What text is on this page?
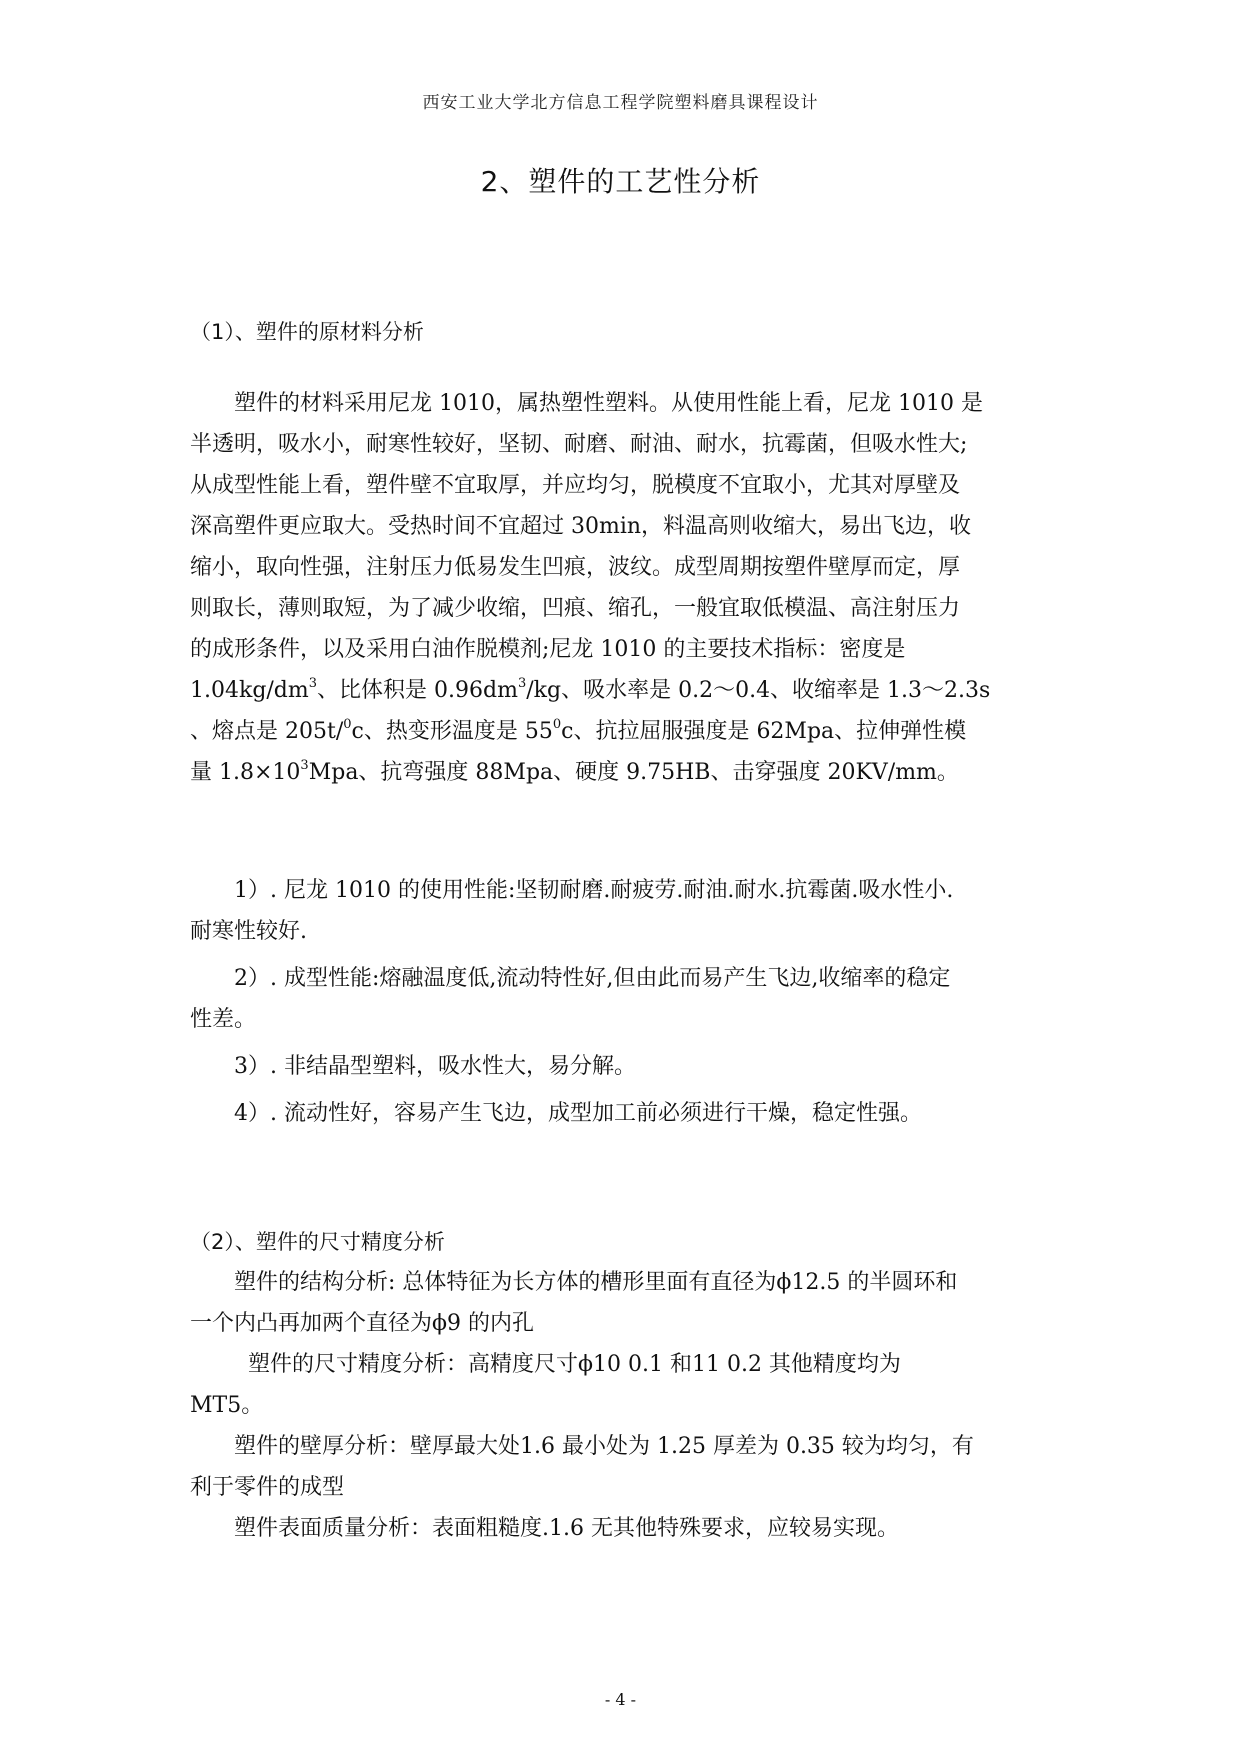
西安工业大学北方信息工程学院塑料磨具课程设计
2、塑件的工艺性分析
（1）、塑件的原材料分析
塑件的材料采用尼龙 1010，属热塑性塑料。从使用性能上看，尼龙 1010 是
半透明，吸水小，耐寒性较好，坚韧、耐磨、耐油、耐水，抗霉菌，但吸水性大;
从成型性能上看，塑件壁不宜取厚，并应均匀，脱模度不宜取小，尤其对厚壁及
深高塑件更应取大。受热时间不宜超过 30min，料温高则收缩大，易出飞边，收
缩小，取向性强，注射压力低易发生凹痕，波纹。成型周期按塑件壁厚而定，厚
则取长，薄则取短，为了减少收缩，凹痕、缩孔，一般宜取低模温、高注射压力
的成形条件，以及采用白油作脱模剂;尼龙 1010 的主要技术指标：密度是
$1.04kg/dm^3$、比体积是 $0.96dm^3/kg$、吸水率是 0.2～0.4、收缩率是 1.3～2.3s
、熔点是 205t/$^0$c、热变形温度是 $55^0c$、抗拉屈服强度是 62Mpa、拉伸弹性模
量 $1.8\times 10^3Mpa$、抗弯强度 88Mpa、硬度 9.75HB、击穿强度 20KV/mm。
1）. 尼龙 1010 的使用性能:坚韧耐磨.耐疲劳.耐油.耐水.抗霉菌.吸水性小.
耐寒性较好.
2）. 成型性能:熔融温度低,流动特性好,但由此而易产生飞边,收缩率的稳定
性差。
3）. 非结晶型塑料，吸水性大，易分解。
4）. 流动性好，容易产生飞边，成型加工前必须进行干燥，稳定性强。
（2）、塑件的尺寸精度分析
塑件的结构分析: 总体特征为长方体的槽形里面有直径为ϕ12.5 的半圆环和
一个内凸再加两个直径为ϕ9 的内孔
塑件的尺寸精度分析：高精度尺寸ϕ10 0.1 和11 0.2 其他精度均为
MT5。
塑件的壁厚分析：壁厚最大处1.6 最小处为 1.25 厚差为 0.35 较为均匀，有
利于零件的成型
塑件表面质量分析：表面粗糙度.1.6 无其他特殊要求，应较易实现。
- 4 -
